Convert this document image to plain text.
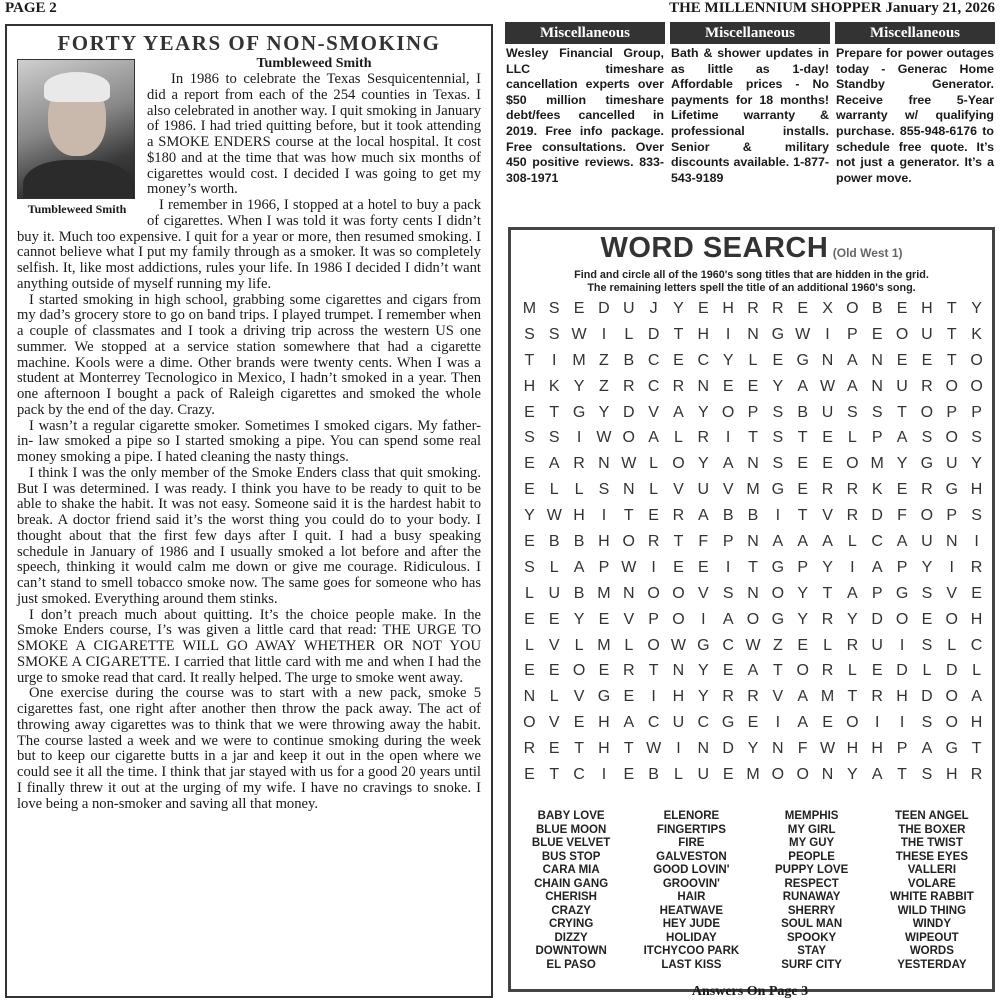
PAGE 2	THE MILLENNIUM SHOPPER January 21, 2026
FORTY YEARS OF NON-SMOKING
Tumbleweed Smith
Tumbleweed Smith

In 1986 to celebrate the Texas Sesquicentennial, I did a report from each of the 254 counties in Texas. I also celebrated in another way. I quit smoking in January of 1986. I had tried quitting before, but it took attending a SMOKE ENDERS course at the local hospital. It cost $180 and at the time that was how much six months of cigarettes would cost. I decided I was going to get my money’s worth.

I remember in 1966, I stopped at a hotel to buy a pack of cigarettes. When I was told it was forty cents I didn’t buy it. Much too expensive. I quit for a year or more, then resumed smoking. I cannot believe what I put my family through as a smoker. It was so completely selfish. It, like most addictions, rules your life. In 1986 I decided I didn’t want anything outside of myself running my life.

I started smoking in high school, grabbing some cigarettes and cigars from my dad’s grocery store to go on band trips. I played trumpet. I remember when a couple of classmates and I took a driving trip across the western US one summer. We stopped at a service station somewhere that had a cigarette machine. Kools were a dime. Other brands were twenty cents. When I was a student at Monterrey Tecnologico in Mexico, I hadn’t smoked in a year. Then one afternoon I bought a pack of Raleigh cigarettes and smoked the whole pack by the end of the day. Crazy.

I wasn’t a regular cigarette smoker. Sometimes I smoked cigars. My father-in- law smoked a pipe so I started smoking a pipe. You can spend some real money smoking a pipe. I hated cleaning the nasty things.

I think I was the only member of the Smoke Enders class that quit smoking. But I was determined. I was ready. I think you have to be ready to quit to be able to shake the habit. It was not easy. Someone said it is the hardest habit to break. A doctor friend said it’s the worst thing you could do to your body. I thought about that the first few days after I quit. I had a busy speaking schedule in January of 1986 and I usually smoked a lot before and after the speech, thinking it would calm me down or give me courage. Ridiculous. I can’t stand to smell tobacco smoke now. The same goes for someone who has just smoked. Everything around them stinks.

I don’t preach much about quitting. It’s the choice people make. In the Smoke Enders course, I’s was given a little card that read: THE URGE TO SMOKE A CIGARETTE WILL GO AWAY WHETHER OR NOT YOU SMOKE A CIGARETTE. I carried that little card with me and when I had the urge to smoke read that card. It really helped. The urge to smoke went away.

One exercise during the course was to start with a new pack, smoke 5 cigarettes fast, one right after another then throw the pack away. The act of throwing away cigarettes was to think that we were throwing away the habit. The course lasted a week and we were to continue smoking during the week but to keep our cigarette butts in a jar and keep it out in the open where we could see it all the time. I think that jar stayed with us for a good 20 years until I finally threw it out at the urging of my wife. I have no cravings to snoke. I love being a non-smoker and saving all that money.

Miscellaneous
Wesley Financial Group, LLC timeshare cancellation experts over $50 million timeshare debt/fees cancelled in 2019. Free info package. Free consultations. Over 450 positive reviews. 833-308-1971
Miscellaneous
Bath & shower updates in as little as 1-day! Affordable prices - No payments for 18 months! Lifetime warranty & professional installs. Senior & military discounts available. 1-877-543-9189
Miscellaneous
Prepare for power outages today - Generac Home Standby Generator. Receive free 5-Year warranty w/ qualifying purchase. 855-948-6176 to schedule free quote. It’s not just a generator. It’s a power move.
WORD SEARCH (Old West 1)
Find and circle all of the 1960's song titles that are hidden in the grid.
The remaining letters spell the title of an additional 1960's song.
M S E D U J Y E H R R E X O B E H T Y
S S W I	L D T H	I	N G W I	P E O U T K
T	I M Z B C E C Y L E G N A N E E T O
H K Y Z R C R N E E Y A W A N U R O O
E T G Y D V A Y O P S B U S S T O P P
S S	I W O A L R	I	T S T E L P A S O S
E A R N W L O Y A N S E E O M Y G U Y
E L L S N L V U V M G E R R K E R G H
Y W H	I	T E R A B B	I	T V R D F O P S
E B B H O R T F P N A A A L C A U N	I
S L A P W I	E E	I	T G P Y	I	A P Y	I	R
L U B M N O O V S N O Y T A P G S V E
E E Y E V P O	I	A O G Y R Y D O E O H
L V L M L O W G C W Z E L R U	I	S L C
E E O E R T N Y E A T O R L E D L D L
N L V G E	I	H Y R R V A M T R H D O A
O V E H A C U C G E	I	A E O	I	I	S O H
R E T H T W I	N D Y N F W H H P A G T
E T C	I	E B L U E M O O N Y A T S H R
BABY LOVE
BLUE MOON
BLUE VELVET
BUS STOP
CARA MIA
CHAIN GANG
CHERISH
CRAZY
CRYING
DIZZY
DOWNTOWN
EL PASO
ELENORE
FINGERTIPS
FIRE
GALVESTON
GOOD LOVIN'
GROOVIN'
HAIR
HEATWAVE
HEY JUDE
HOLIDAY
ITCHYCOO PARK
LAST KISS
MEMPHIS
MY GIRL
MY GUY
PEOPLE
PUPPY LOVE
RESPECT
RUNAWAY
SHERRY
SOUL MAN
SPOOKY
STAY
SURF CITY
TEEN ANGEL
THE BOXER
THE TWIST
THESE EYES
VALLERI
VOLARE
WHITE RABBIT
WILD THING
WINDY
WIPEOUT
WORDS
YESTERDAY
Answers On Page 3
